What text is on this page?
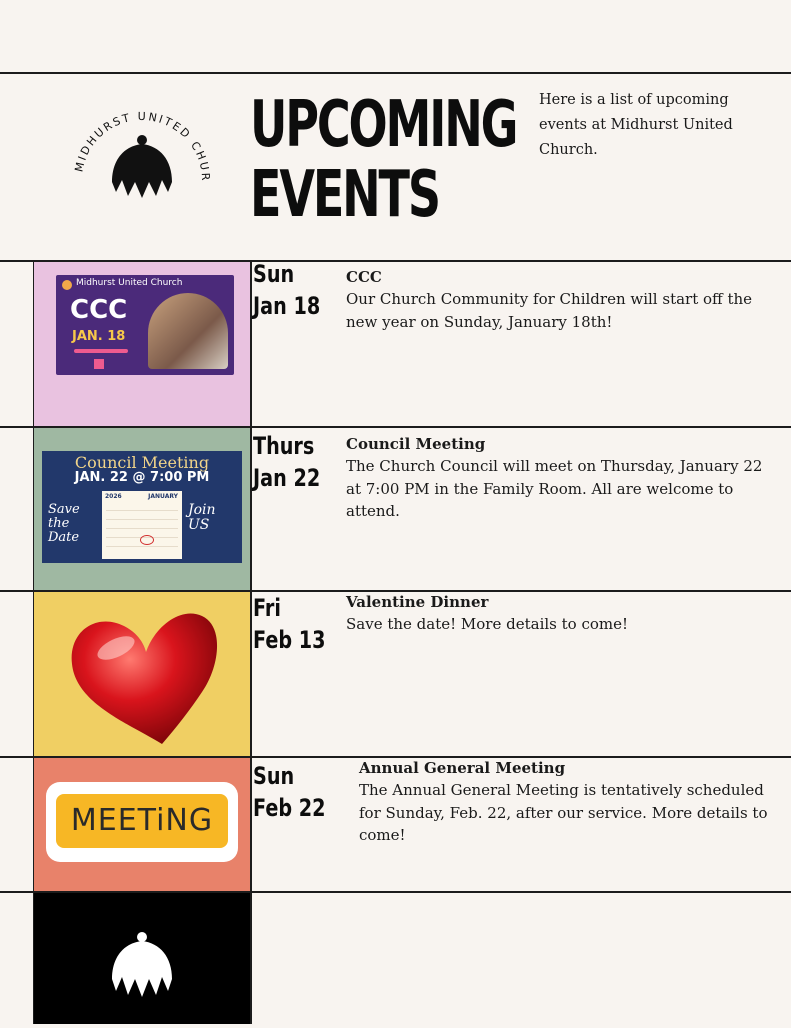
MIDHURST UNITED CHUR
UPCOMING
EVENTS
Here is a list of upcoming events at Midhurst United Church.
Midhurst United Church
CCC
JAN. 18
Sun
Jan 18
CCC
Our Church Community for Children will start off the new year on Sunday, January 18th!
Council Meeting
JAN. 22 @ 7:00 PM
Save the Date
Join US
2026	JANUARY
Thurs
Jan 22
Council Meeting
The Church Council will meet on Thursday, January 22 at 7:00 PM in the Family Room. All are welcome to attend.
Fri
Feb 13
Valentine Dinner
Save the date! More details to come!
MEETiNG
Sun
Feb 22
Annual General Meeting
The Annual General Meeting is tentatively scheduled for Sunday, Feb. 22, after our service. More details to come!
